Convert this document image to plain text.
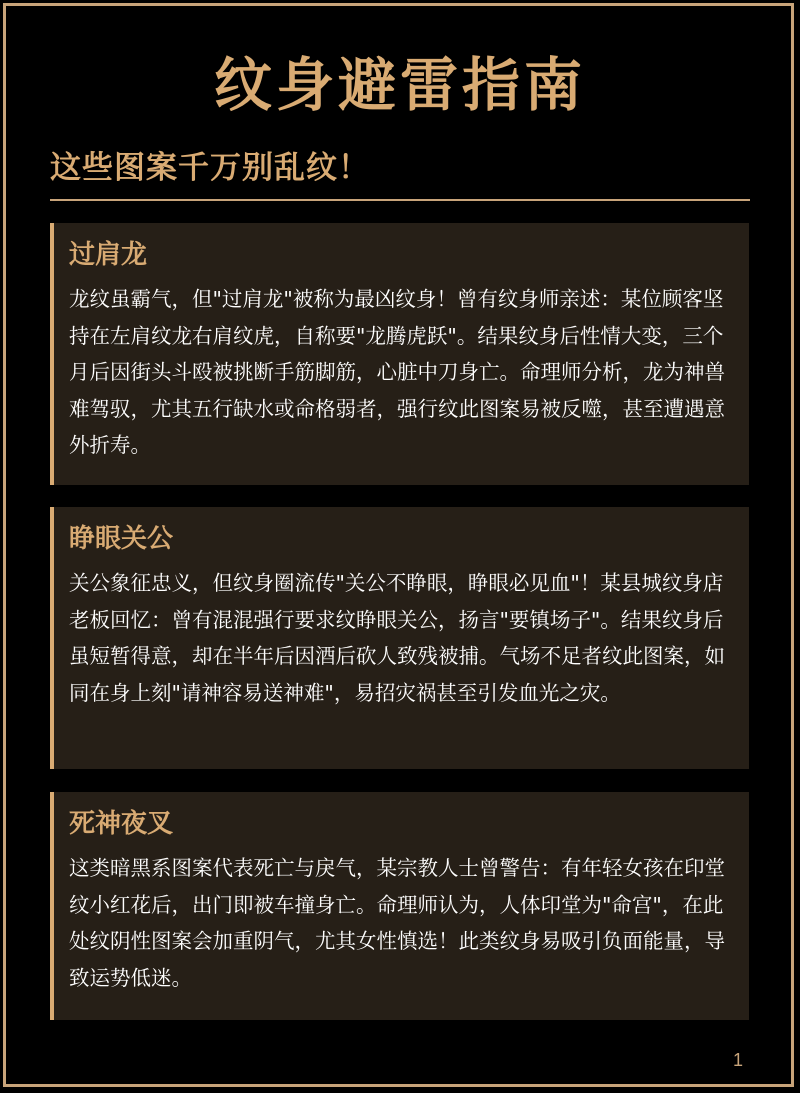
纹身避雷指南
这些图案千万别乱纹！
过肩龙

龙纹虽霸气，但"过肩龙"被称为最凶纹身！曾有纹身师亲述：某位顾客坚持在左肩纹龙右肩纹虎，自称要"龙腾虎跃"。结果纹身后性情大变，三个月后因街头斗殴被挑断手筋脚筋，心脏中刀身亡。命理师分析，龙为神兽难驾驭，尤其五行缺水或命格弱者，强行纹此图案易被反噬，甚至遭遇意外折寿。

睁眼关公

关公象征忠义，但纹身圈流传"关公不睁眼，睁眼必见血"！某县城纹身店老板回忆：曾有混混强行要求纹睁眼关公，扬言"要镇场子"。结果纹身后虽短暂得意，却在半年后因酒后砍人致残被捕。气场不足者纹此图案，如同在身上刻"请神容易送神难"，易招灾祸甚至引发血光之灾。

死神夜叉

这类暗黑系图案代表死亡与戾气，某宗教人士曾警告：有年轻女孩在印堂纹小红花后，出门即被车撞身亡。命理师认为，人体印堂为"命宫"，在此处纹阴性图案会加重阴气，尤其女性慎选！此类纹身易吸引负面能量，导致运势低迷。

1
